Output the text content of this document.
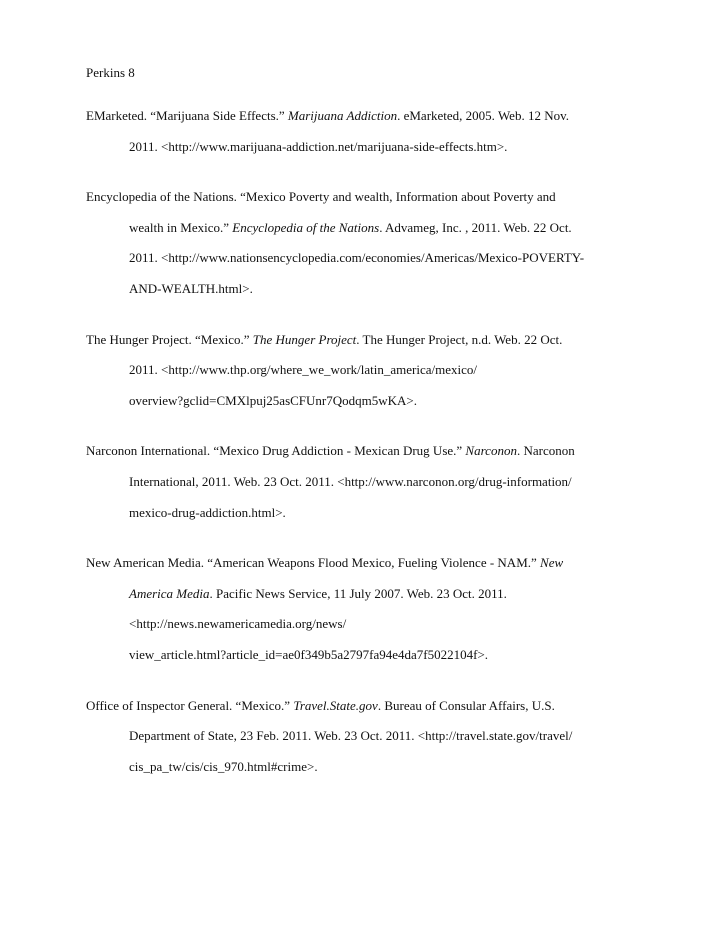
Perkins 8
EMarketed. “Marijuana Side Effects.” Marijuana Addiction. eMarketed, 2005. Web. 12 Nov.
2011. <http://www.marijuana-addiction.net/marijuana-side-effects.htm>.
Encyclopedia of the Nations. “Mexico Poverty and wealth, Information about Poverty and
wealth in Mexico.” Encyclopedia of the Nations. Advameg, Inc. , 2011. Web. 22 Oct.
2011. <http://www.nationsencyclopedia.com/economies/Americas/Mexico-POVERTY-
AND-WEALTH.html>.
The Hunger Project. “Mexico.” The Hunger Project. The Hunger Project, n.d. Web. 22 Oct.
2011. <http://www.thp.org/where_we_work/latin_america/mexico/
overview?gclid=CMXlpuj25asCFUnr7Qodqm5wKA>.
Narconon International. “Mexico Drug Addiction - Mexican Drug Use.” Narconon. Narconon
International, 2011. Web. 23 Oct. 2011. <http://www.narconon.org/drug-information/
mexico-drug-addiction.html>.
New American Media. “American Weapons Flood Mexico, Fueling Violence - NAM.” New
America Media. Pacific News Service, 11 July 2007. Web. 23 Oct. 2011.
<http://news.newamericamedia.org/news/
view_article.html?article_id=ae0f349b5a2797fa94e4da7f5022104f>.
Office of Inspector General. “Mexico.” Travel.State.gov. Bureau of Consular Affairs, U.S.
Department of State, 23 Feb. 2011. Web. 23 Oct. 2011. <http://travel.state.gov/travel/
cis_pa_tw/cis/cis_970.html#crime>.
